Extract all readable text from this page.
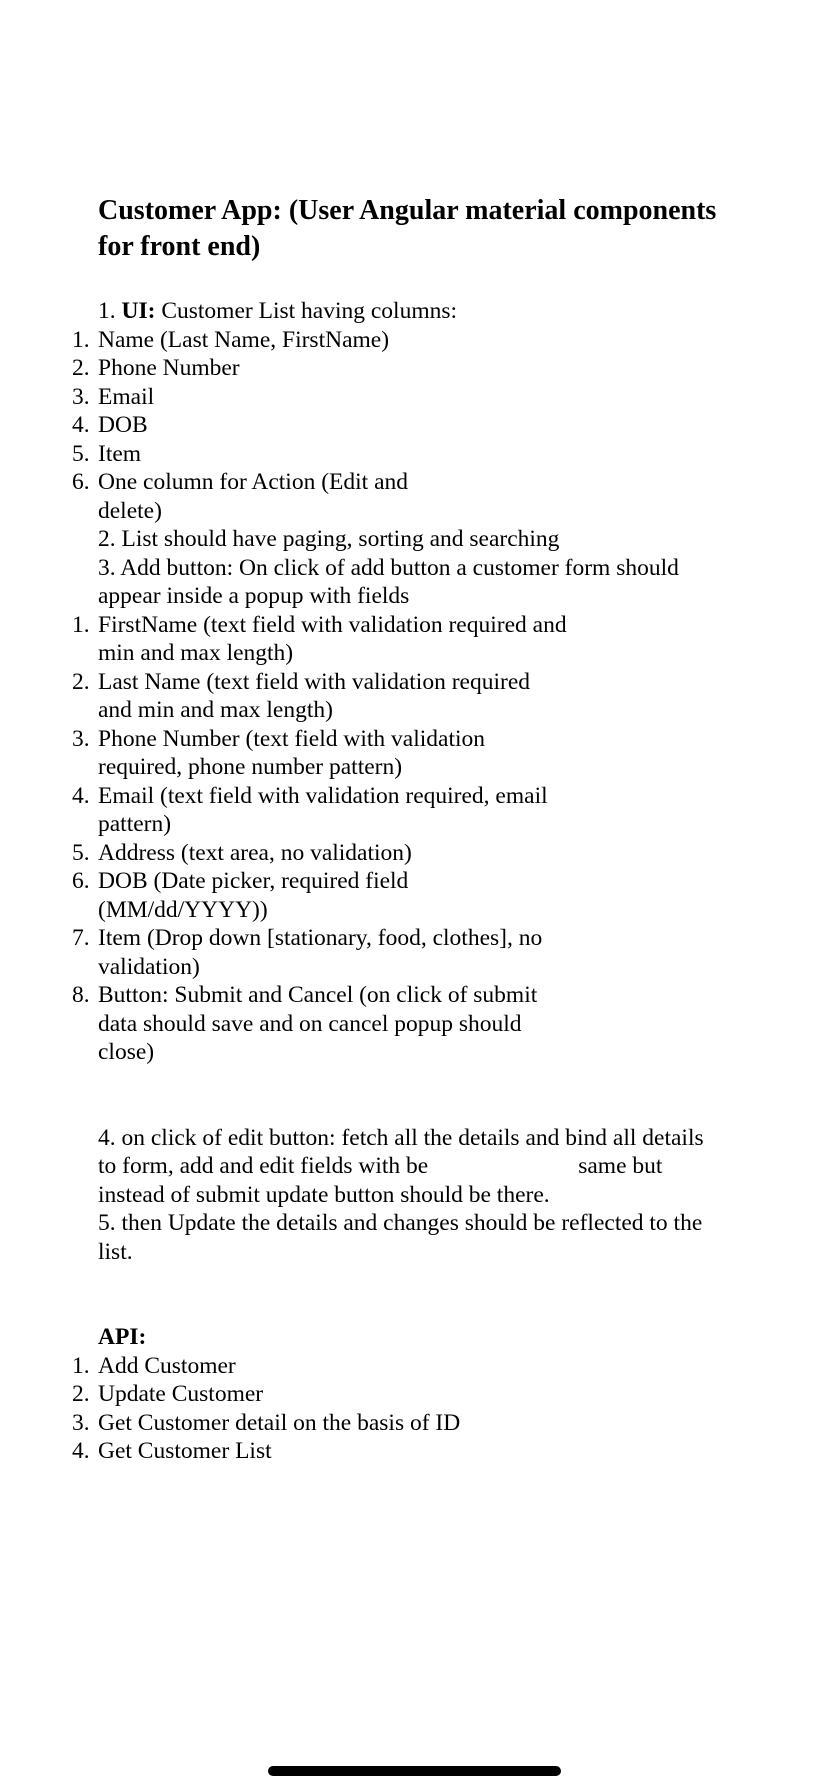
Customer App: (User Angular material components for front end)

1. UI: Customer List having columns:

1. Name (Last Name, FirstName)
2. Phone Number
3. Email
4. DOB
5. Item
6. One column for Action (Edit and delete)

2. List should have paging, sorting and searching

3. Add button: On click of add button a customer form should appear inside a popup with fields

1. FirstName (text field with validation required and min and max length)
2. Last Name (text field with validation required and min and max length)
3. Phone Number (text field with validation required, phone number pattern)
4. Email (text field with validation required, email pattern)
5. Address (text area, no validation)
6. DOB (Date picker, required field (MM/dd/YYYY))
7. Item (Drop down [stationary, food, clothes], no validation)
8. Button: Submit and Cancel (on click of submit data should save and on cancel popup should close)

4. on click of edit button: fetch all the details and bind all details

to form, add and edit fields with be	same but

instead of submit update button should be there.

5. then Update the details and changes should be reflected to the list.

API:

1. Add Customer
2. Update Customer
3. Get Customer detail on the basis of ID
4. Get Customer List
